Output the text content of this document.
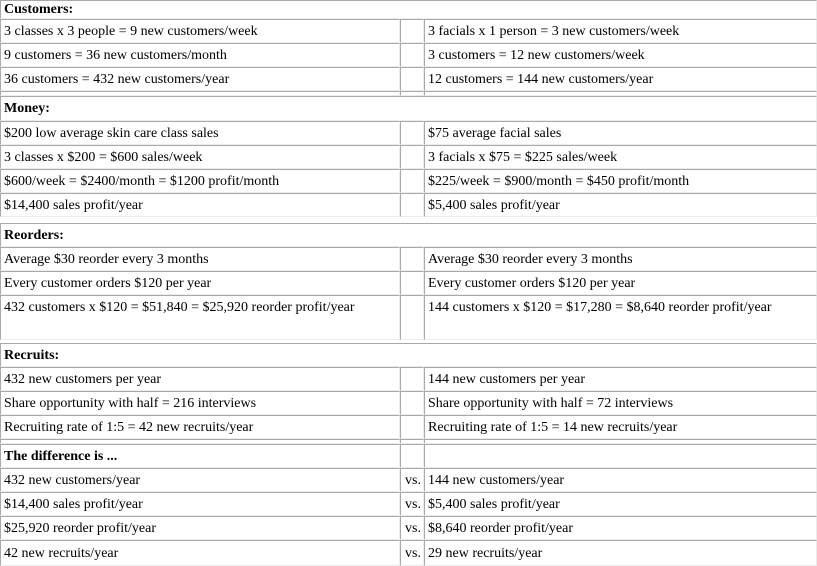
Customers:
3 classes x 3 people = 9 new customers/week	3 facials x 1 person = 3 new customers/week
9 customers = 36 new customers/month	3 customers = 12 new customers/week
36 customers = 432 new customers/year	12 customers = 144 new customers/year
Money:
$200 low average skin care class sales	$75 average facial sales
3 classes x $200 = $600 sales/week	3 facials x $75 = $225 sales/week
$600/week = $2400/month = $1200 profit/month	$225/week = $900/month = $450 profit/month
$14,400 sales profit/year	$5,400 sales profit/year
Reorders:
Average $30 reorder every 3 months	Average $30 reorder every 3 months
Every customer orders $120 per year	Every customer orders $120 per year
432 customers x $120 = $51,840 = $25,920 reorder profit/year	144 customers x $120 = $17,280 = $8,640 reorder profit/year
Recruits:
432 new customers per year	144 new customers per year
Share opportunity with half = 216 interviews	Share opportunity with half = 72 interviews
Recruiting rate of 1:5 = 42 new recruits/year	Recruiting rate of 1:5 = 14 new recruits/year
The difference is ...
432 new customers/year	vs. 144 new customers/year
$14,400 sales profit/year	vs. $5,400 sales profit/year
$25,920 reorder profit/year	vs. $8,640 reorder profit/year
42 new recruits/year	vs. 29 new recruits/year
